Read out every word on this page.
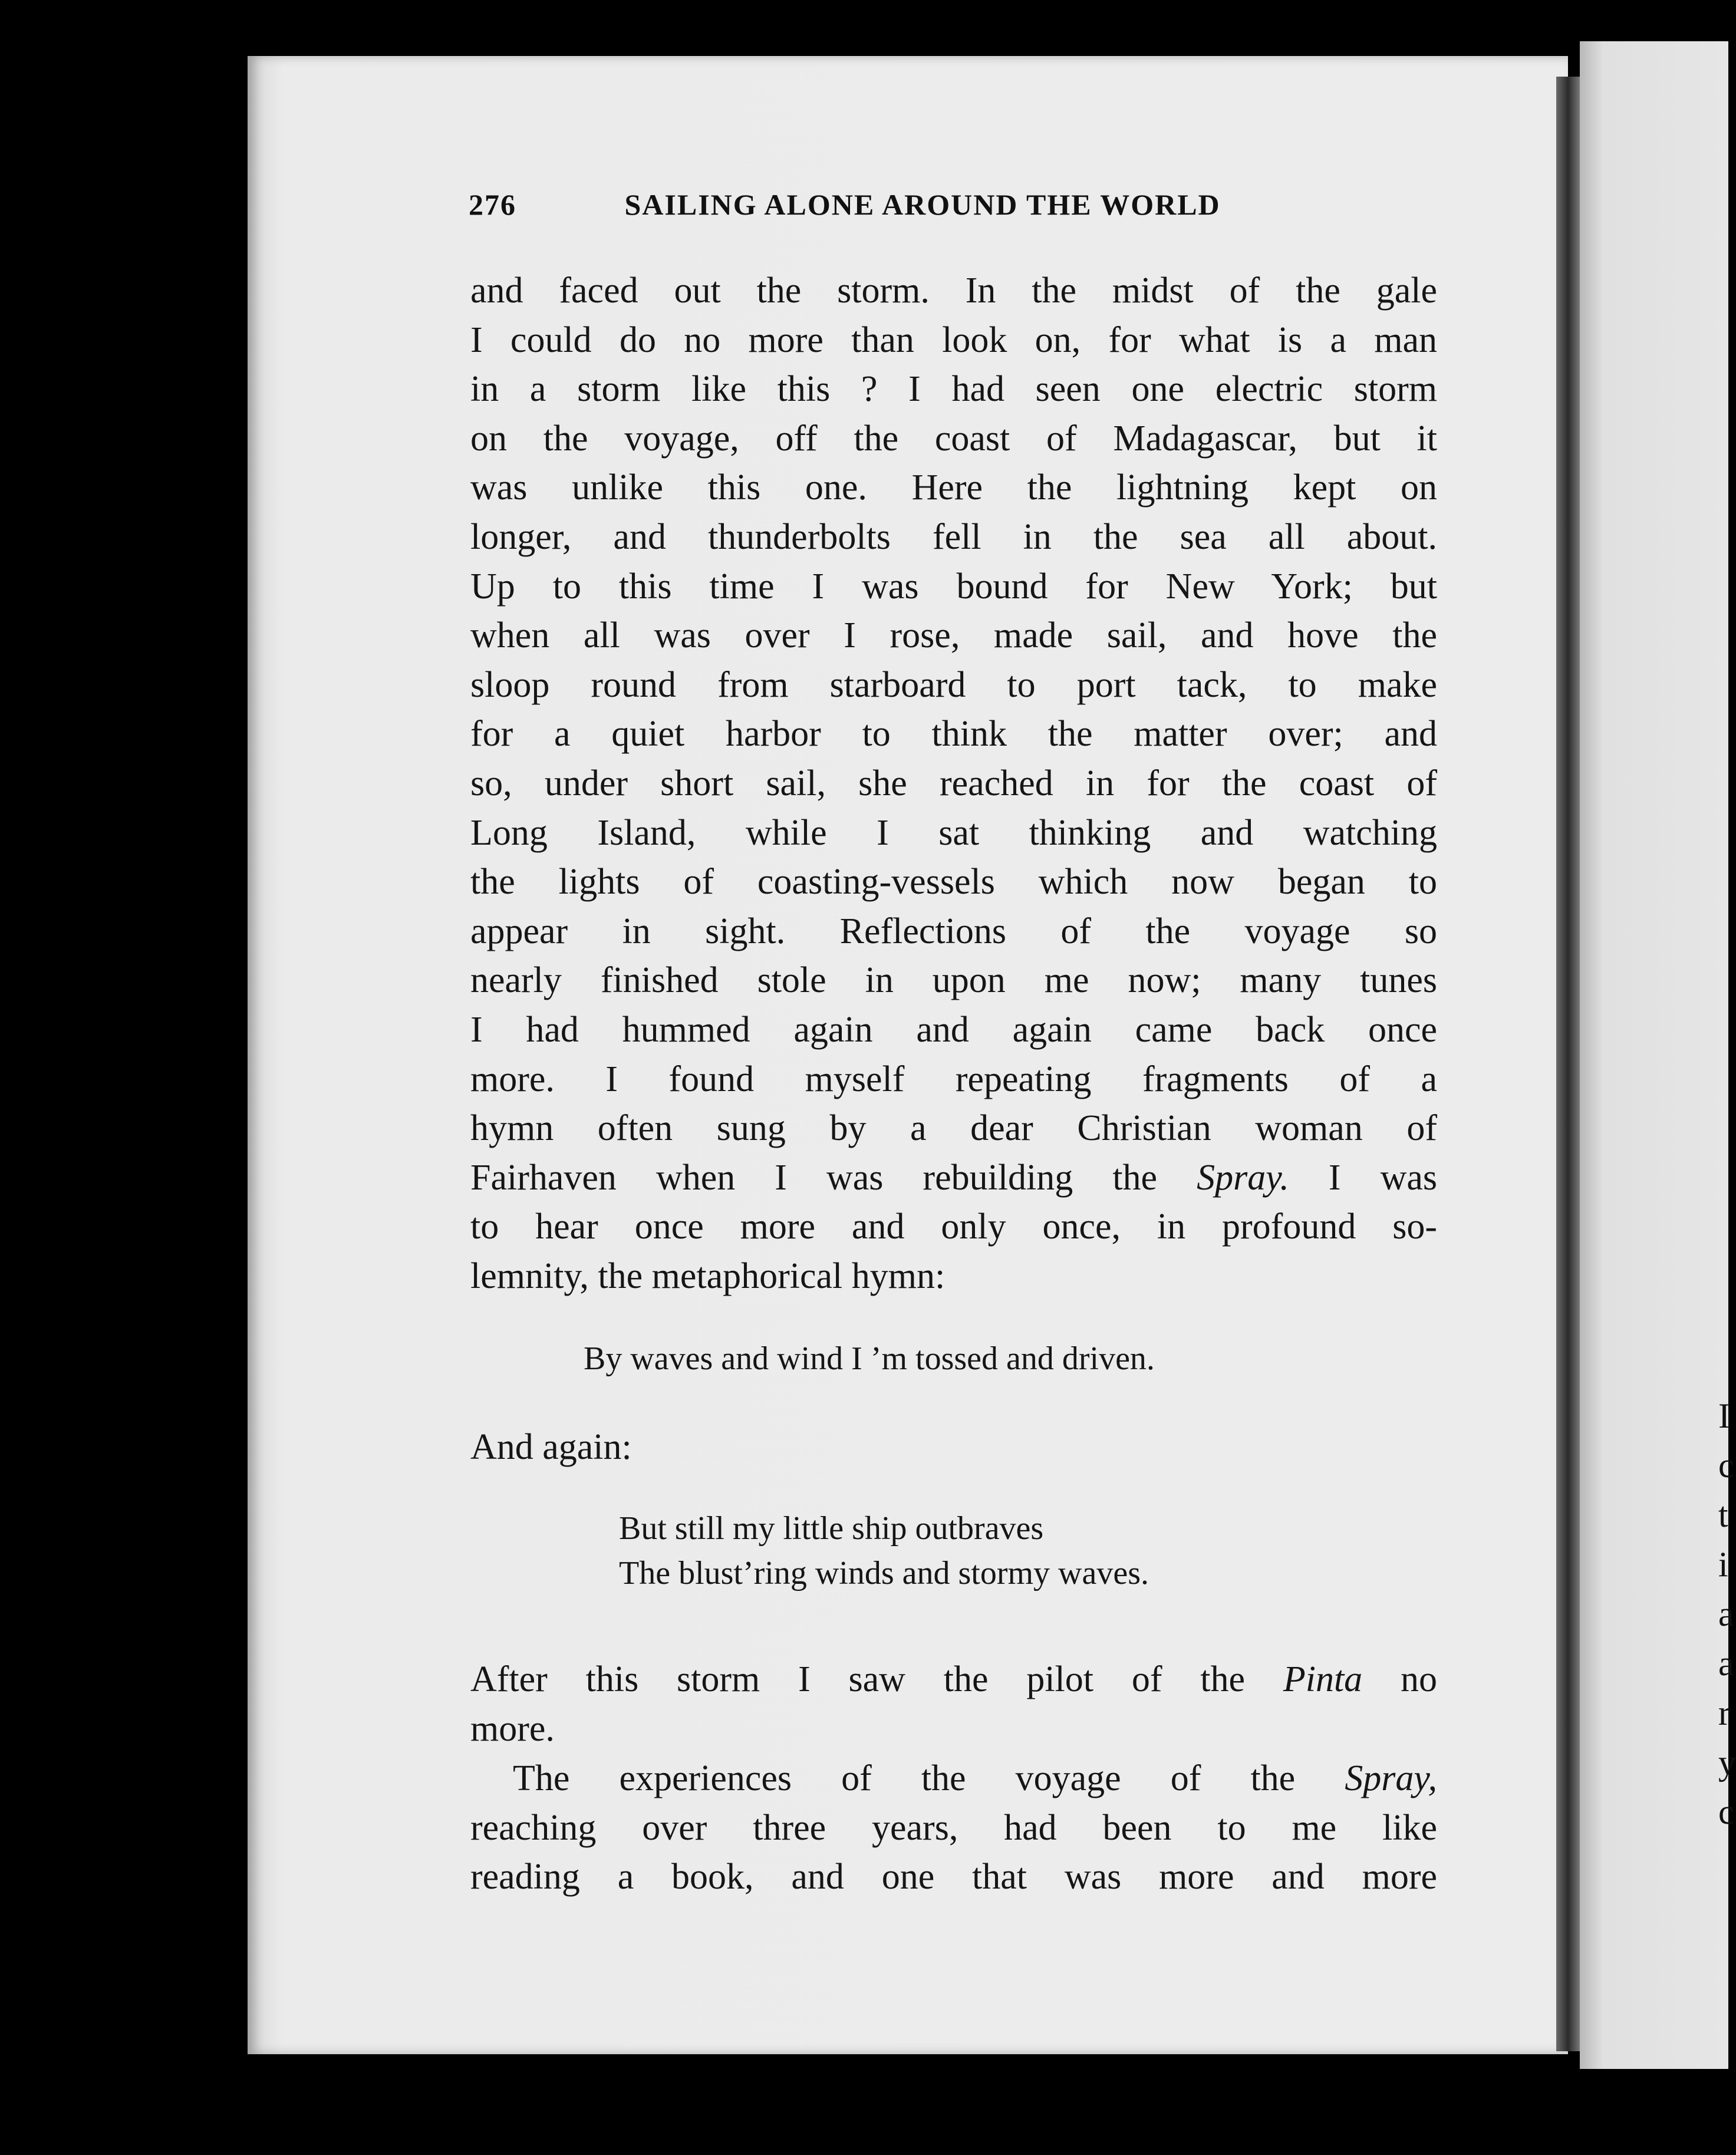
I
c
t
i
a
a
r
y
c
276	SAILING ALONE AROUND THE WORLD
and faced out the storm. In the midst of the gale
I could do no more than look on, for what is a man
in a storm like this ? I had seen one electric storm
on the voyage, off the coast of Madagascar, but it
was unlike this one. Here the lightning kept on
longer, and thunderbolts fell in the sea all about.
Up to this time I was bound for New York; but
when all was over I rose, made sail, and hove the
sloop round from starboard to port tack, to make
for a quiet harbor to think the matter over; and
so, under short sail, she reached in for the coast of
Long Island, while I sat thinking and watching
the lights of coasting-vessels which now began to
appear in sight. Reflections of the voyage so
nearly finished stole in upon me now; many tunes
I had hummed again and again came back once
more. I found myself repeating fragments of a
hymn often sung by a dear Christian woman of
Fairhaven when I was rebuilding the Spray. I was
to hear once more and only once, in profound so-
lemnity, the metaphorical hymn:
By waves and wind I ’m tossed and driven.
And again:
But still my little ship outbraves
The blust’ring winds and stormy waves.
After this storm I saw the pilot of the Pinta no
more.
The experiences of the voyage of the Spray,
reaching over three years, had been to me like
reading a book, and one that was more and more
